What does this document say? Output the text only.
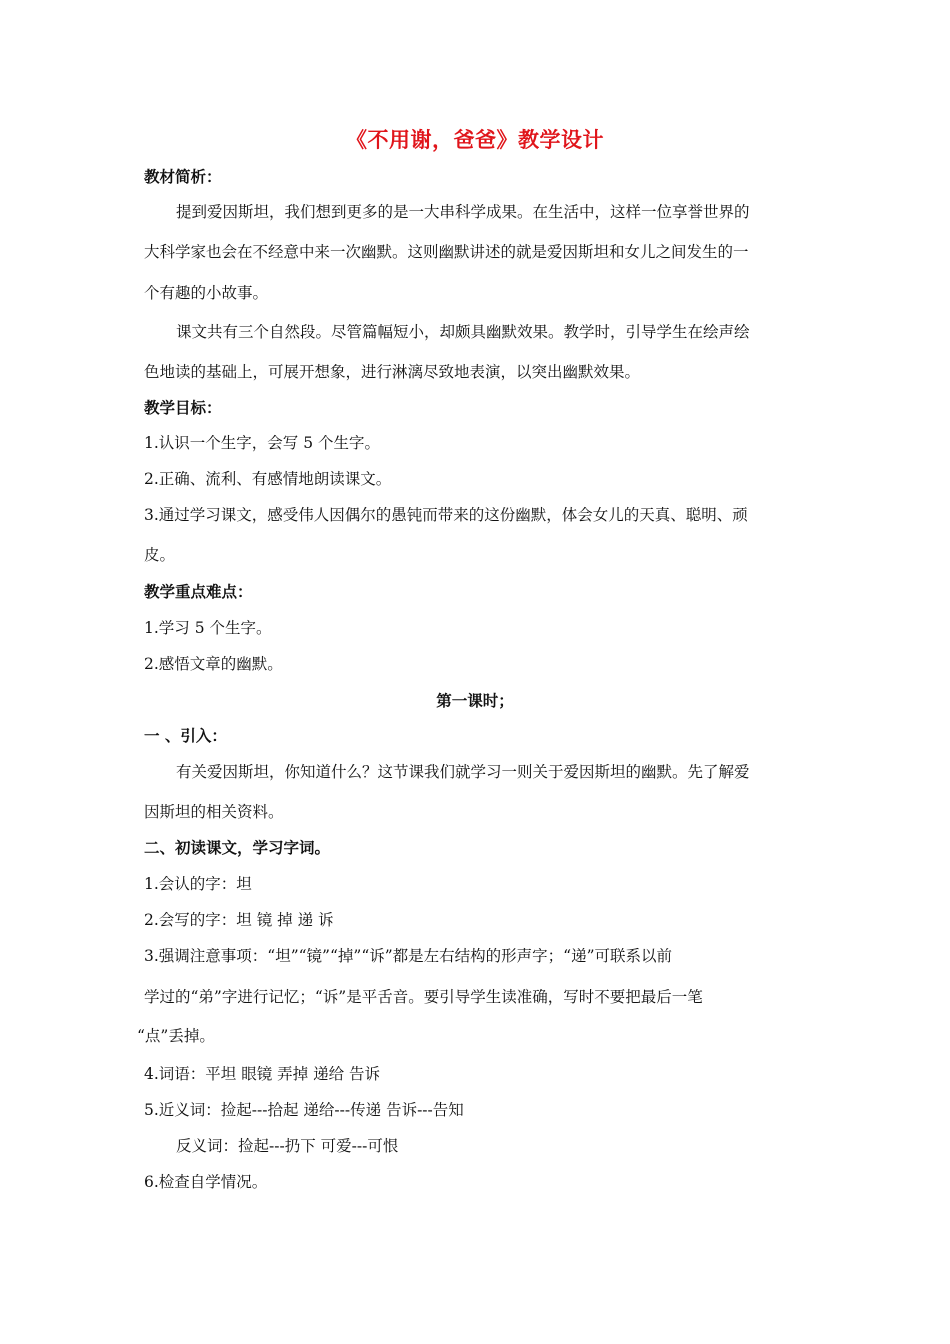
《不用谢，爸爸》教学设计
教材简析：
提到爱因斯坦，我们想到更多的是一大串科学成果。在生活中，这样一位享誉世界的
大科学家也会在不经意中来一次幽默。这则幽默讲述的就是爱因斯坦和女儿之间发生的一
个有趣的小故事。
课文共有三个自然段。尽管篇幅短小，却颇具幽默效果。教学时，引导学生在绘声绘
色地读的基础上，可展开想象，进行淋漓尽致地表演，以突出幽默效果。
教学目标：
1.认识一个生字，会写 5 个生字。
2.正确、流利、有感情地朗读课文。
3.通过学习课文，感受伟人因偶尔的愚钝而带来的这份幽默，体会女儿的天真、聪明、顽
皮。
教学重点难点：
1.学习 5 个生字。
2.感悟文章的幽默。
第一课时；
一 、引入：
有关爱因斯坦，你知道什么？这节课我们就学习一则关于爱因斯坦的幽默。先了解爱
因斯坦的相关资料。
二、初读课文，学习字词。
1.会认的字：坦
2.会写的字：坦 镜 掉 递 诉
3.强调注意事项：“坦”“镜”“掉”“诉”都是左右结构的形声字；“递”可联系以前
学过的“弟”字进行记忆；“诉”是平舌音。要引导学生读准确，写时不要把最后一笔
“点”丢掉。
4.词语：平坦 眼镜 弄掉 递给 告诉
5.近义词：捡起---拾起 递给---传递 告诉---告知
反义词：捡起---扔下 可爱---可恨
6.检查自学情况。
